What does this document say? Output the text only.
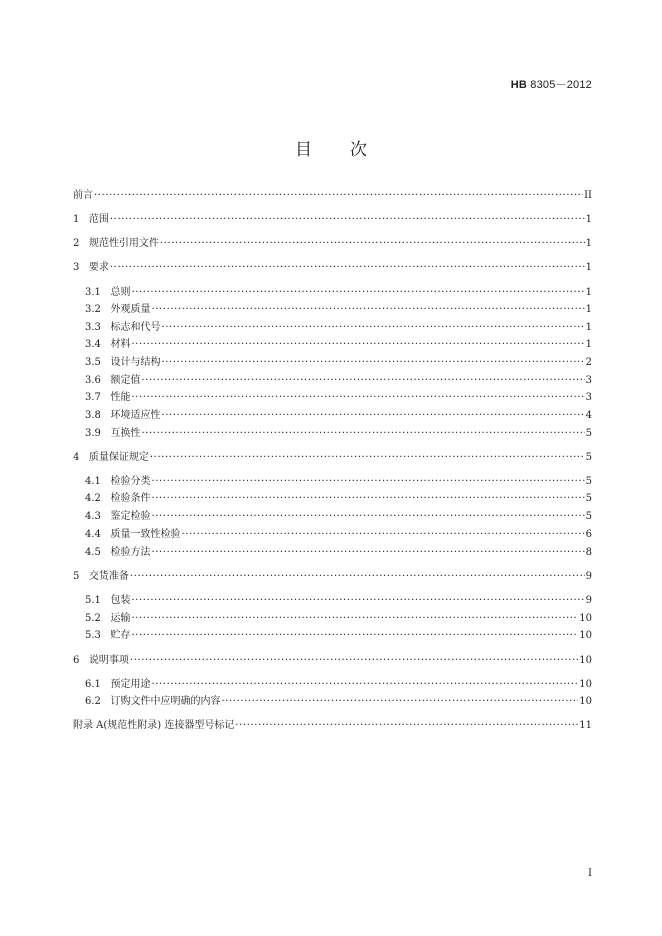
HB 8305－2012
目 次
前言 ·····	II
1 范围 ·····	1
2 规范性引用文件 ·····	1
3 要求 ·····	1
3.1 总则 ·····	1
3.2 外观质量 ·····	1
3.3 标志和代号 ·····	1
3.4 材料 ·····	1
3.5 设计与结构 ·····	2
3.6 额定值 ·····	3
3.7 性能 ·····	3
3.8 环境适应性 ·····	4
3.9 互换性 ·····	5
4 质量保证规定 ·····	5
4.1 检验分类 ·····	5
4.2 检验条件 ·····	5
4.3 鉴定检验 ·····	5
4.4 质量一致性检验 ·····	6
4.5 检验方法 ·····	8
5 交货准备 ·····	9
5.1 包装 ·····	9
5.2 运输 ·····	10
5.3 贮存 ·····	10
6 说明事项 ·····	10
6.1 预定用途 ·····	10
6.2 订购文件中应明确的内容 ·····	10
附录 A(规范性附录) 连接器型号标记 ·····	11
I
